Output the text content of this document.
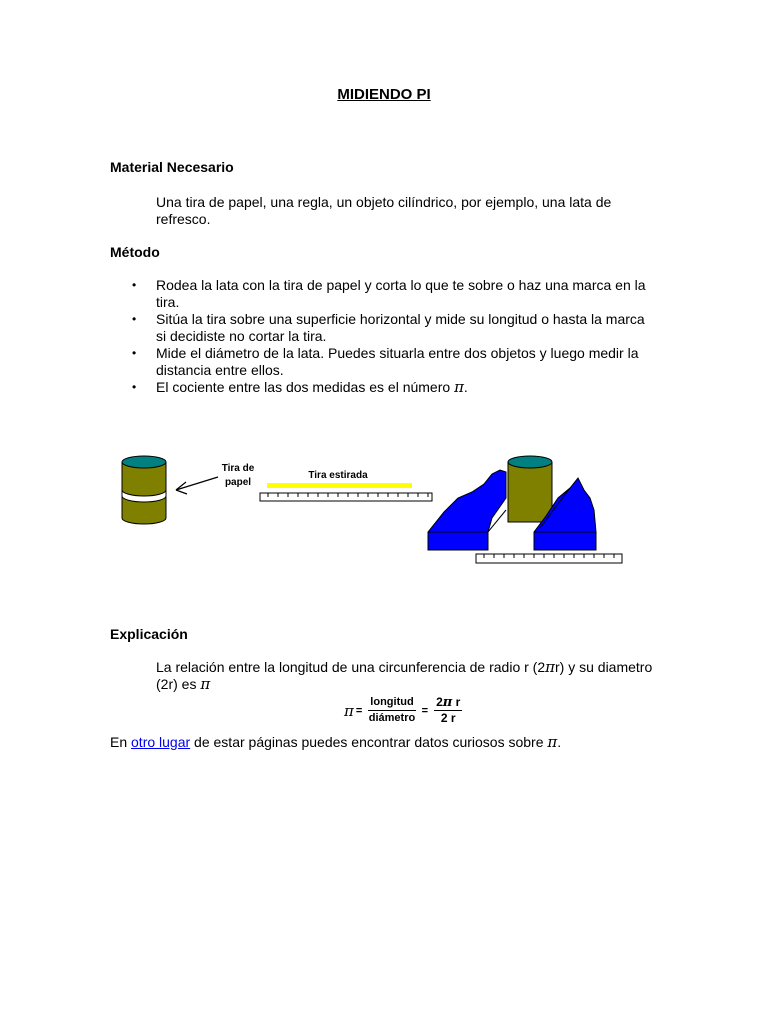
MIDIENDO PI
Material Necesario
Una tira de papel, una regla, un objeto cilíndrico, por ejemplo, una lata de refresco.
Método
• Rodea la lata con la tira de papel y corta lo que te sobre o haz una marca en la tira.
• Sitúa la tira sobre una superficie horizontal y mide su longitud o hasta la marca si decidiste no cortar la tira.
• Mide el diámetro de la lata. Puedes situarla entre dos objetos y luego medir la distancia entre ellos.
• El cociente entre las dos medidas es el número π.
Tira de
papel
Tira estirada
Explicación
La relación entre la longitud de una circunferencia de radio r (2πr) y su diametro (2r) es π
$\pi = \frac{\text{longitud}}{\text{diámetro}} = \frac{\text{2π r}}{2 r}$
En otro lugar de estar páginas puedes encontrar datos curiosos sobre π.
